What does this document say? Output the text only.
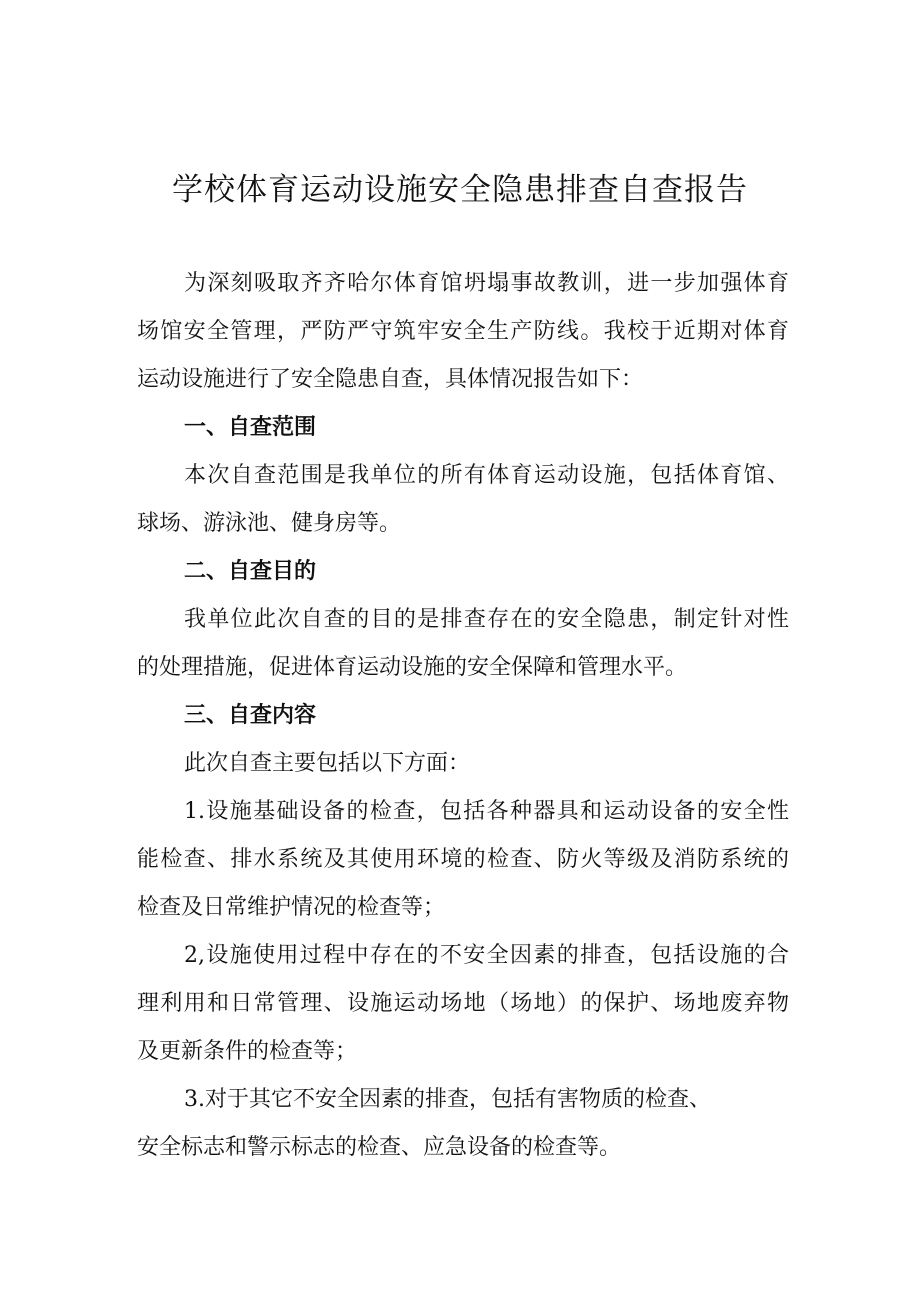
学校体育运动设施安全隐患排查自查报告

为深刻吸取齐齐哈尔体育馆坍塌事故教训，进一步加强体育

场馆安全管理，严防严守筑牢安全生产防线。我校于近期对体育

运动设施进行了安全隐患自查，具体情况报告如下：

一、自查范围

本次自查范围是我单位的所有体育运动设施，包括体育馆、

球场、游泳池、健身房等。

二、自查目的

我单位此次自查的目的是排查存在的安全隐患，制定针对性

的处理措施，促进体育运动设施的安全保障和管理水平。

三、自查内容

此次自查主要包括以下方面：

1.设施基础设备的检查，包括各种器具和运动设备的安全性

能检查、排水系统及其使用环境的检查、防火等级及消防系统的

检查及日常维护情况的检查等；

2,设施使用过程中存在的不安全因素的排查，包括设施的合

理利用和日常管理、设施运动场地（场地）的保护、场地废弃物

及更新条件的检查等；

3.对于其它不安全因素的排查，包括有害物质的检查、

安全标志和警示标志的检查、应急设备的检查等。
